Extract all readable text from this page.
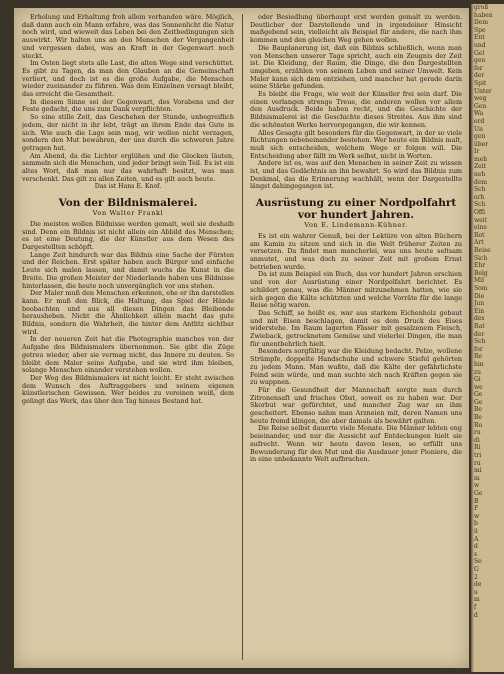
Erholung und Erhaltung froh allem vorhanden wäre. Möglich, daß dann auch ein Mann erfahre, was das Sonnenlicht die Natur noch wird, und wieweit das Leben bei den Zeitbedingungen sich auswirkt. Wir halten uns an den Menschen der Vergangenheit und vergessen dabei, was an Kraft in der Gegenwart noch steckt.

Im Osten liegt stets alle Last, die alten Wege sind verschüttet. Es gibt zu Tagen, da man den Glauben an die Gemeinschaft verliert, und doch ist es die große Aufgabe, die Menschen wieder zueinander zu führen. Was dem Einzelnen versagt bleibt, das erreicht die Gesamtheit.

In diesem Sinne sei der Gegenwart, des Vorabens und der Feste gedacht, die uns zum Dank verpflichten.

So eine stille Zeit, das Geschehen der Stunde, unbegreiflich jedem, der nicht in ihr lebt, trägt an ihrem Ende das Gute in sich. Wie auch die Lage sein mag, wir wollen nicht verzagen, sondern den Mut bewahren, der uns durch die schweren Jahre getragen hat.

Am Abend, da die Lichter erglühen und die Glocken läuten, sammeln sich die Menschen, und jeder bringt sein Teil. Es ist ein altes Wort, daß man nur das wahrhaft besitzt, was man verschenkt. Das gilt zu allen Zeiten, und es gilt auch heute.

Das ist Hans E. Knof.

Von der Bildnismalerei.

Von Walter Frankl

Die meisten wollen Bildnisse werden gemalt, weil sie deshalb sind. Denn ein Bildnis ist nicht allein ein Abbild des Menschen; es ist eine Deutung, die der Künstler aus dem Wesen des Dargestellten schöpft.

Lange Zeit hindurch war das Bildnis eine Sache der Fürsten und der Reichen. Erst später haben auch Bürger und einfache Leute sich malen lassen, und damit wuchs die Kunst in die Breite. Die großen Meister der Niederlande haben uns Bildnisse hinterlassen, die heute noch unvergänglich vor uns stehen.

Der Maler muß den Menschen erkennen, ehe er ihn darstellen kann. Er muß den Blick, die Haltung, das Spiel der Hände beobachten und aus all diesen Dingen das Bleibende herausheben. Nicht die Ähnlichkeit allein macht das gute Bildnis, sondern die Wahrheit, die hinter dem Antlitz sichtbar wird.

In der neueren Zeit hat die Photographie manches von der Aufgabe des Bildnismalers übernommen. Sie gibt die Züge getreu wieder, aber sie vermag nicht, das Innere zu deuten. So bleibt dem Maler seine Aufgabe, und sie wird ihm bleiben, solange Menschen einander verstehen wollen.

Der Weg des Bildnismalers ist nicht leicht. Er steht zwischen dem Wunsch des Auftraggebers und seinem eigenen künstlerischen Gewissen. Wer beides zu vereinen weiß, dem gelingt das Werk, das über den Tag hinaus Bestand hat.

oder Besiedlung überhaupt erst werden gemalt zu werden. Deutlicher der Darstellende und in irgendeiner Hinsicht maßgebend sein, vielleicht als Beispiel für andere, die nach ihm kommen und den gleichen Weg gehen wollen.

Die Bauplanerung ist, daß ein Bildnis schließlich, wenn man von Menschen unserer Tage spricht, auch ein Zeugnis der Zeit ist. Die Kleidung, der Raum, die Dinge, die den Dargestellten umgeben, erzählen von seinem Leben und seiner Umwelt. Kein Maler kann sich dem entziehen, und mancher hat gerade darin seine Stärke gefunden.

Es bleibt die Frage, wie weit der Künstler frei sein darf. Die einen verlangen strenge Treue, die anderen wollen vor allem den Ausdruck. Beide haben recht, und die Geschichte der Bildnismalerei ist die Geschichte dieses Streites. Aus ihm sind die schönsten Werke hervorgegangen, die wir kennen.

Alles Gesagte gilt besonders für die Gegenwart, in der so viele Richtungen nebeneinander bestehen. Wer heute ein Bildnis malt, muß sich entscheiden, welchem Wege er folgen will. Die Entscheidung aber fällt im Werk selbst, nicht in Worten.

Andere ist es, was auf den Menschen in seiner Zeit zu wissen ist, und das Gedächtnis an ihn bewahrt. So wird das Bildnis zum Denkmal, das die Erinnerung wachhält, wenn der Dargestellte längst dahingegangen ist.

Ausrüstung zu einer Nordpolfahrt vor hundert Jahren.

Von E. Lindemann-Kühner.

Es ist ein wahrer Genuß, bei der Lektüre von alten Büchern am Kamin zu sitzen und sich in die Welt früherer Zeiten zu versetzen. Da findet man mancherlei, was uns heute seltsam anmutet, und was doch zu seiner Zeit mit großem Ernst betrieben wurde.

Da ist zum Beispiel ein Buch, das vor hundert Jahren erschien und von der Ausrüstung einer Nordpolfahrt berichtet. Es schildert genau, was die Männer mitzunehmen hatten, wie sie sich gegen die Kälte schützten und welche Vorräte für die lange Reise nötig waren.

Das Schiff, so heißt es, war aus starkem Eichenholz gebaut und mit Eisen beschlagen, damit es dem Druck des Eises widerstehe. Im Raum lagerten Fässer mit gesalzenem Fleisch, Zwieback, getrocknetem Gemüse und vielerlei Dingen, die man für unentbehrlich hielt.

Besonders sorgfältig war die Kleidung bedacht. Pelze, wollene Strümpfe, doppelte Handschuhe und schwere Stiefel gehörten zu jedem Mann. Man wußte, daß die Kälte der gefährlichste Feind sein würde, und man suchte sich nach Kräften gegen sie zu wappnen.

Für die Gesundheit der Mannschaft sorgte man durch Zitronensaft und frisches Obst, soweit es zu haben war. Der Skorbut war gefürchtet, und mancher Zug war an ihm gescheitert. Ebenso nahm man Arzneien mit, deren Namen uns heute fremd klingen, die aber damals als bewährt galten.

Die Reise selbst dauerte viele Monate. Die Männer lebten eng beieinander, und nur die Aussicht auf Entdeckungen hielt sie aufrecht. Wenn wir heute davon lesen, so erfüllt uns Bewunderung für den Mut und die Ausdauer jener Pioniere, die in eine unbekannte Welt aufbrachen.

groß
haben
Dem
Spe
Ent
und
Gel
gen
fer
der
Spit
Unter
weg
Gen
Wa
erd
Un
gen
über
Ir
meh
Zeit
neh
dem
Sch
erh
Sch
Offi
weit
eine
Rot
Art
Reise
Sich
Ehr
Belg
Mil
Som
Die
Jun
Ein
des
Rat
der
Sch
for
Re
hin
zu
Gi
we
Ge
Ge
Be
Be
Ro
ru
di
Ri
tri
ru
mi
m
w
Ge
B
F
w
b
ü
A
d
s
Se
G
2
de
u
m
f
d
